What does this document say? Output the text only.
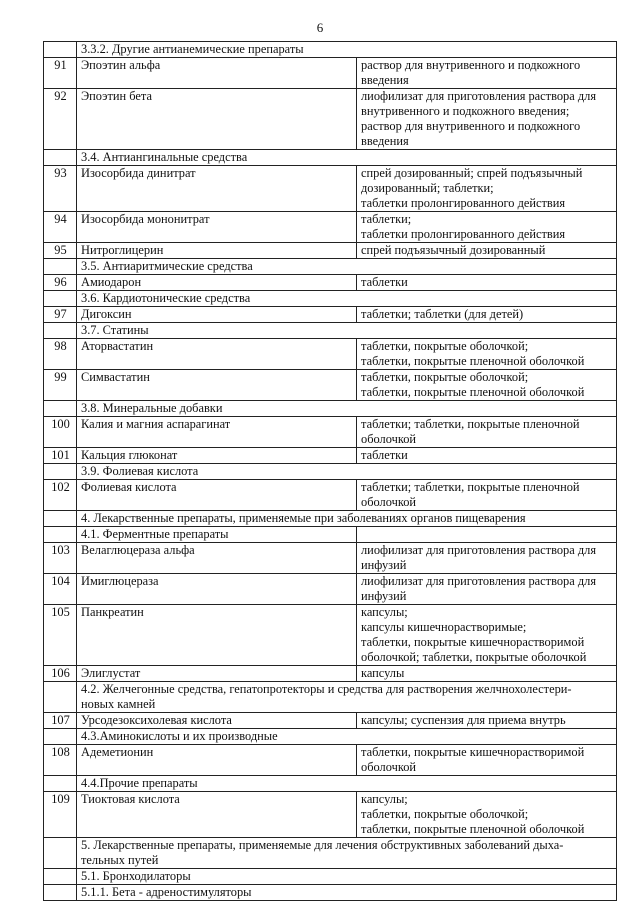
6
	3.3.2. Другие антианемические препараты	
91	Эпоэтин альфа	раствор для внутривенного и подкожного
введения
92	Эпоэтин бета	лиофилизат для приготовления раствора для
внутривенного и подкожного введения;
раствор для внутривенного и подкожного
введения
	3.4. Антиангинальные средства	
93	Изосорбида динитрат	спрей дозированный; спрей подъязычный
дозированный; таблетки;
таблетки пролонгированного действия
94	Изосорбида мононитрат	таблетки;
таблетки пролонгированного действия
95	Нитроглицерин	спрей подъязычный дозированный
	3.5. Антиаритмические средства	
96	Амиодарон	таблетки
	3.6. Кардиотонические средства	
97	Дигоксин	таблетки; таблетки (для детей)
	3.7. Статины	
98	Аторвастатин	таблетки, покрытые оболочкой;
таблетки, покрытые пленочной оболочкой
99	Симвастатин	таблетки, покрытые оболочкой;
таблетки, покрытые пленочной оболочкой
	3.8. Минеральные добавки	
100	Калия и магния аспарагинат	таблетки; таблетки, покрытые пленочной
оболочкой
101	Кальция глюконат	таблетки
	3.9. Фолиевая кислота	
102	Фолиевая кислота	таблетки; таблетки, покрытые пленочной
оболочкой
	4. Лекарственные препараты, применяемые при заболеваниях органов пищеварения	
	4.1. Ферментные препараты	
103	Велаглюцераза альфа	лиофилизат для приготовления раствора для
инфузий
104	Имиглюцераза	лиофилизат для приготовления раствора для
инфузий
105	Панкреатин	капсулы;
капсулы кишечнорастворимые;
таблетки, покрытые кишечнорастворимой
оболочкой; таблетки, покрытые оболочкой
106	Элиглустат	капсулы
	4.2. Желчегонные средства, гепатопротекторы и средства для растворения желчнохолестери-
новых камней	
107	Урсодезоксихолевая кислота	капсулы; суспензия для приема внутрь
	4.3.Аминокислоты и их производные	
108	Адеметионин	таблетки, покрытые кишечнорастворимой
оболочкой
	4.4.Прочие препараты	
109	Тиоктовая кислота	капсулы;
таблетки, покрытые оболочкой;
таблетки, покрытые пленочной оболочкой
	5. Лекарственные препараты, применяемые для лечения обструктивных заболеваний дыха-
тельных путей	
	5.1. Бронходилаторы	
	5.1.1. Бета - адреностимуляторы	
